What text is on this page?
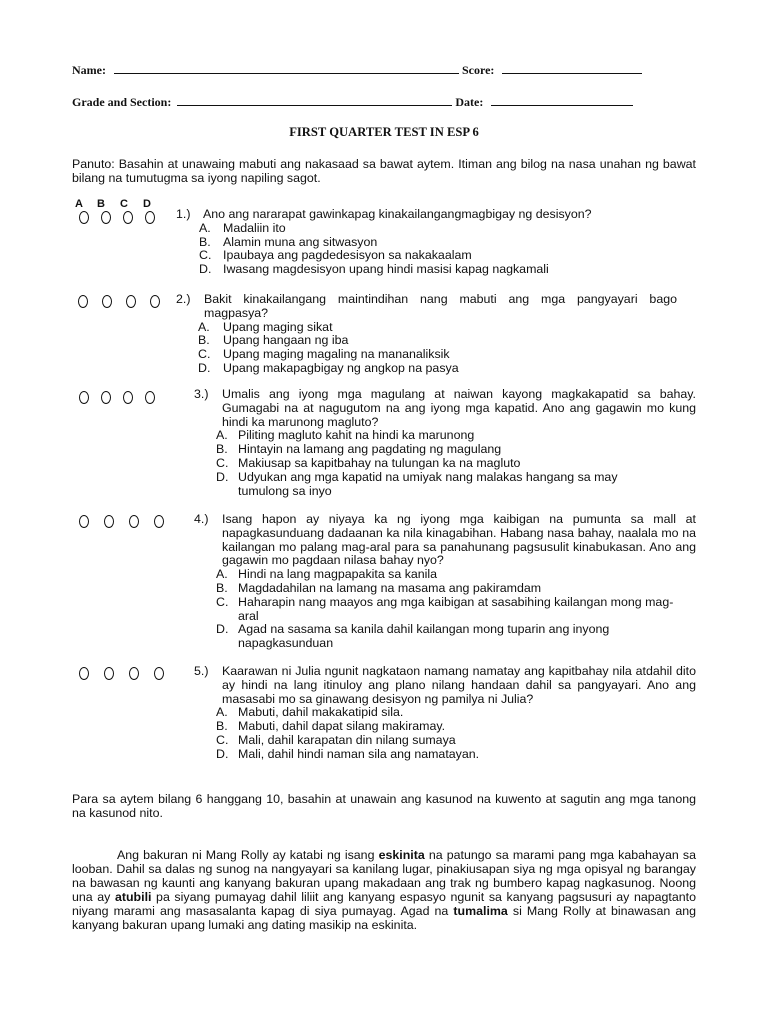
Name:	Score:
Grade and Section:	Date:
FIRST QUARTER TEST IN ESP 6
Panuto: Basahin at unawaing mabuti ang nakasaad sa bawat aytem. Itiman ang bilog na nasa unahan ng bawat bilang na tumutugma sa iyong napiling sagot.
A	B	C	D
1.) Ano ang nararapat gawinkapag kinakailangangmagbigay ng desisyon?
A. Madaliin ito
B. Alamin muna ang sitwasyon
C. Ipaubaya ang pagdedesisyon sa nakakaalam
D. Iwasang magdesisyon upang hindi masisi kapag nagkamali
2.) Bakit kinakailangang maintindihan nang mabuti ang mga pangyayari bago magpasya?
A.	Upang maging sikat
B.	Upang hangaan ng iba
C.	Upang maging magaling na mananaliksik
D.	Upang makapagbigay ng angkop na pasya
3.) Umalis ang iyong mga magulang at naiwan kayong magkakapatid sa bahay. Gumagabi na at nagugutom na ang iyong mga kapatid. Ano ang gagawin mo kung hindi ka marunong magluto?
A. Piliting magluto kahit na hindi ka marunong
B. Hintayin na lamang ang pagdating ng magulang
C. Makiusap sa kapitbahay na tulungan ka na magluto
D. Udyukan ang mga kapatid na umiyak nang malakas hangang sa may tumulong sa inyo
4.) Isang hapon ay niyaya ka ng iyong mga kaibigan na pumunta sa mall at napagkasunduang dadaanan ka nila kinagabihan. Habang nasa bahay, naalala mo na kailangan mo palang mag-aral para sa panahunang pagsusulit kinabukasan. Ano ang gagawin mo pagdaan nilasa bahay nyo?
A. Hindi na lang magpapakita sa kanila
B. Magdadahilan na lamang na masama ang pakiramdam
C. Haharapin nang maayos ang mga kaibigan at sasabihing kailangan mong mag-aral
D. Agad na sasama sa kanila dahil kailangan mong tuparin ang inyong napagkasunduan
5.) Kaarawan ni Julia ngunit nagkataon namang namatay ang kapitbahay nila atdahil dito ay hindi na lang itinuloy ang plano nilang handaan dahil sa pangyayari. Ano ang masasabi mo sa ginawang desisyon ng pamilya ni Julia?
A. Mabuti, dahil makakatipid sila.
B. Mabuti, dahil dapat silang makiramay.
C. Mali, dahil karapatan din nilang sumaya
D. Mali, dahil hindi naman sila ang namatayan.
Para sa aytem bilang 6 hanggang 10, basahin at unawain ang kasunod na kuwento at sagutin ang mga tanong na kasunod nito.
Ang bakuran ni Mang Rolly ay katabi ng isang eskinita na patungo sa marami pang mga kabahayan sa looban. Dahil sa dalas ng sunog na nangyayari sa kanilang lugar, pinakiusapan siya ng mga opisyal ng barangay na bawasan ng kaunti ang kanyang bakuran upang makadaan ang trak ng bumbero kapag nagkasunog. Noong una ay atubili pa siyang pumayag dahil liliit ang kanyang espasyo ngunit sa kanyang pagsusuri ay napagtanto niyang marami ang masasalanta kapag di siya pumayag. Agad na tumalima si Mang Rolly at binawasan ang kanyang bakuran upang lumaki ang dating masikip na eskinita.
